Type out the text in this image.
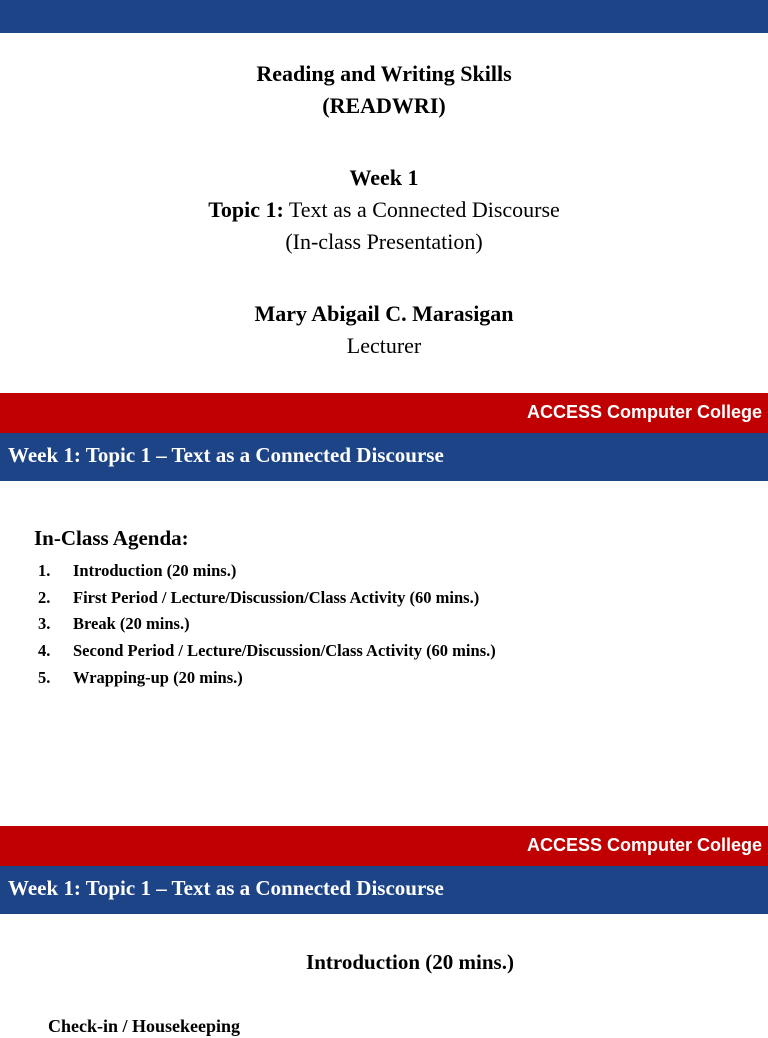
Reading and Writing Skills
(READWRI)
Week 1
Topic 1: Text as a Connected Discourse
(In-class Presentation)
Mary Abigail C. Marasigan
Lecturer
ACCESS Computer College
Week 1: Topic 1 – Text as a Connected Discourse
In-Class Agenda:
1.	Introduction (20 mins.)
2.	First Period / Lecture/Discussion/Class Activity (60 mins.)
3.	Break (20 mins.)
4.	Second Period / Lecture/Discussion/Class Activity (60 mins.)
5.	Wrapping-up (20 mins.)
ACCESS Computer College
Week 1: Topic 1 – Text as a Connected Discourse
Introduction (20 mins.)
Check-in / Housekeeping
